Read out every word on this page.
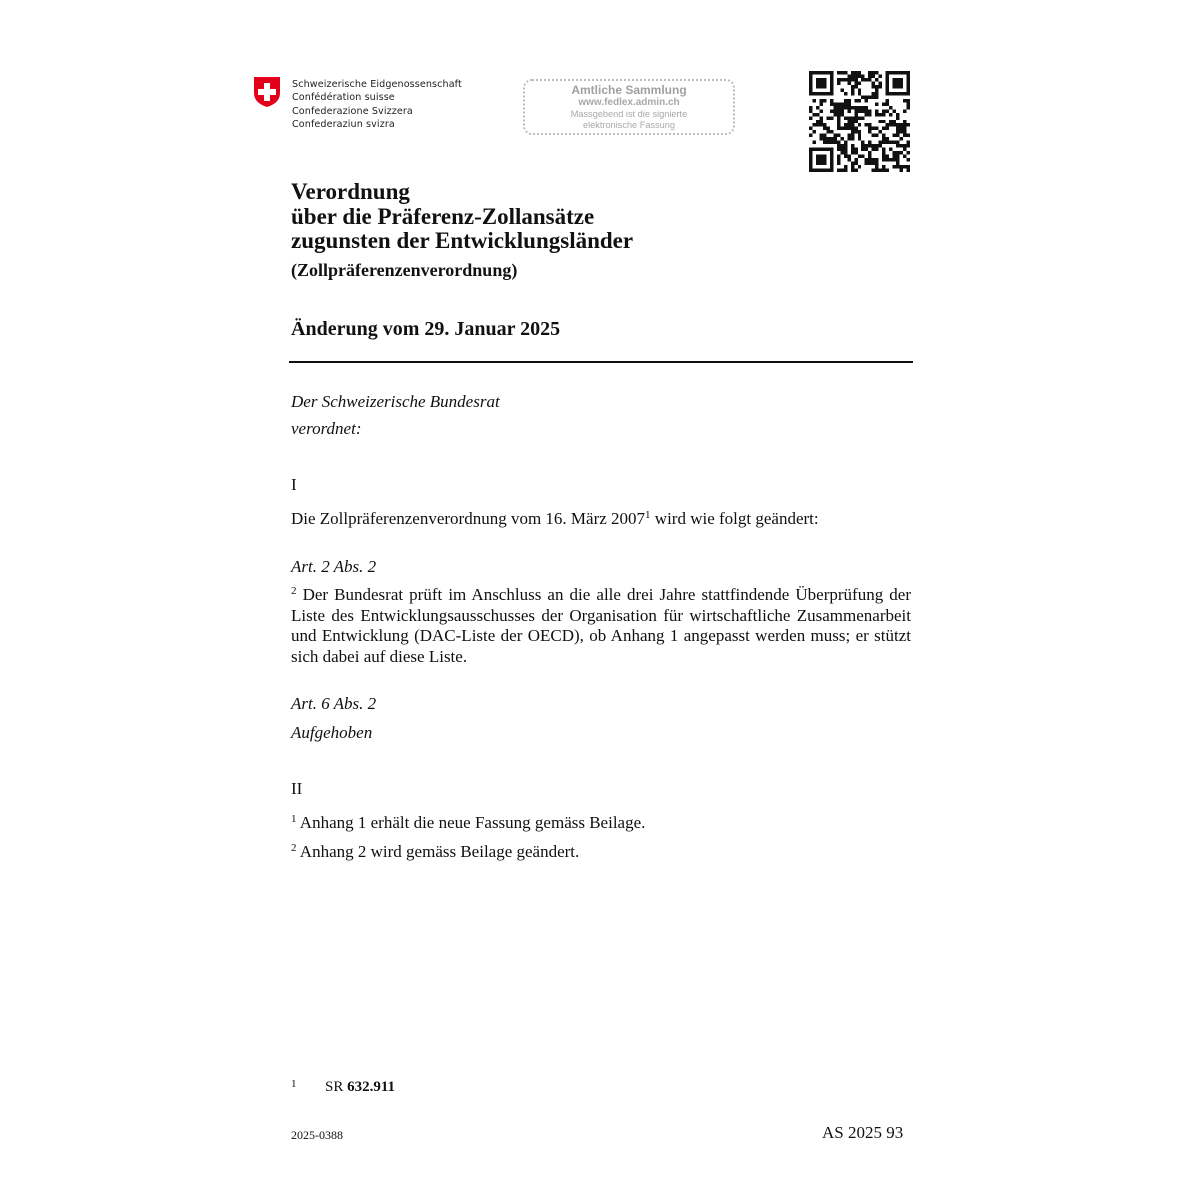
Schweizerische Eidgenossenschaft
Confédération suisse
Confederazione Svizzera
Confederaziun svizra
Amtliche Sammlung
www.fedlex.admin.ch
Massgebend ist die signierte
elektronische Fassung
Verordnung
über die Präferenz-Zollansätze
zugunsten der Entwicklungsländer
(Zollpräferenzenverordnung)
Änderung vom 29. Januar 2025
Der Schweizerische Bundesrat
verordnet:
I
Die Zollpräferenzenverordnung vom 16. März 2007$^1$ wird wie folgt geändert:
Art. 2 Abs. 2
$^2$ Der Bundesrat prüft im Anschluss an die alle drei Jahre stattfindende Überprüfung der Liste des Entwicklungsausschusses der Organisation für wirtschaftliche Zusammenarbeit und Entwicklung (DAC-Liste der OECD), ob Anhang 1 angepasst werden muss; er stützt sich dabei auf diese Liste.
Art. 6 Abs. 2
Aufgehoben
II
$^1$ Anhang 1 erhält die neue Fassung gemäss Beilage.
$^2$ Anhang 2 wird gemäss Beilage geändert.
1 SR 632.911
2025-0388	AS 2025 93
